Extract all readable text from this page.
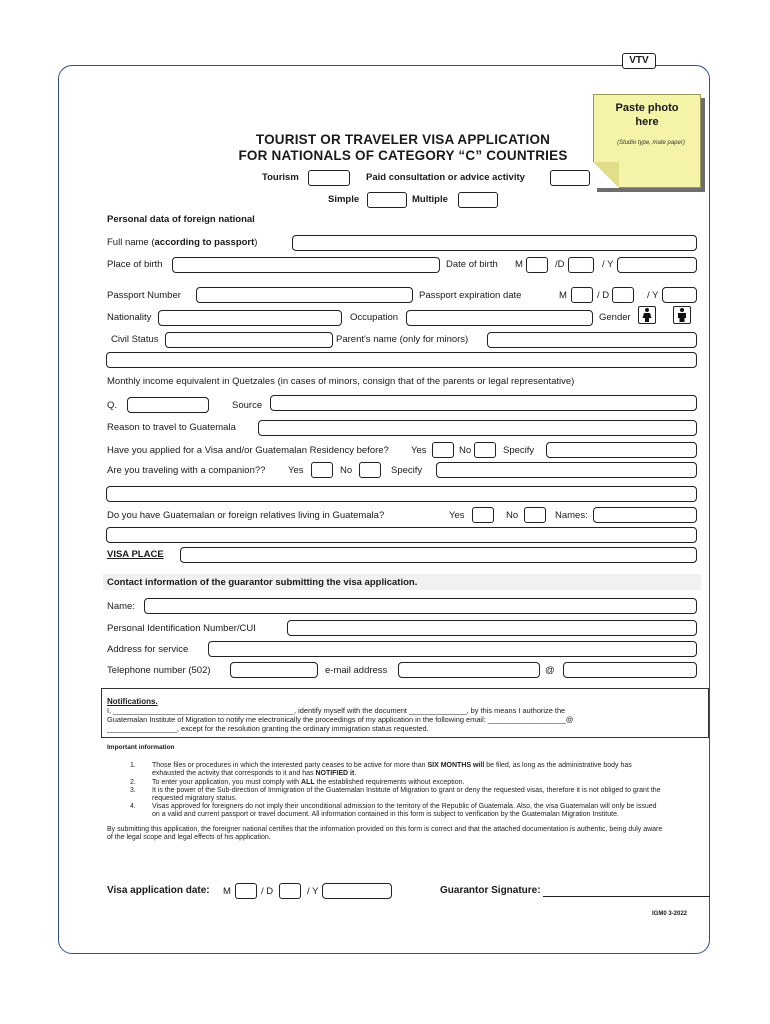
VTV
Paste photo
here
(Studio type, mate paper)
TOURIST OR TRAVELER VISA APPLICATION
FOR NATIONALS OF CATEGORY “C” COUNTRIES
Tourism	Paid consultation or advice activity
Simple	Multiple
Personal data of foreign national
Full name (according to passport)
Place of birth	Date of birth M	/D	/ Y
Passport Number	Passport expiration date	M	/ D	/ Y
Nationality	Occupation	Gender
Civil Status	Parent's name (only for minors)
Monthly income equivalent in Quetzales (in cases of minors, consign that of the parents or legal representative)
Q.	Source
Reason to travel to Guatemala
Have you applied for a Visa and/or Guatemalan Residency before? Yes	No	Specify
Are you traveling with a companion?? Yes	No	Specify
Do you have Guatemalan or foreign relatives living in Guatemala?	Yes	No	Names:
VISA PLACE
Contact information of the guarantor submitting the visa application.
Name:
Personal Identification Number/CUI
Address for service
Telephone number (502)	e-mail address	@
Notifications.
I, ____________________________________________, identify myself with the document ______________, by this means I authorize the
Guatemalan Institute of Migration to notify me electronically the proceedings of my application in the following email: ___________________@
_________________, except for the resolution granting the ordinary immigration status requested.
Important information
1. Those files or procedures in which the interested party ceases to be active for more than SIX MONTHS will be filed, as long as the administrative body has
exhausted the activity that corresponds to it and has NOTIFIED it.
2. To enter your application, you must comply with ALL the established requirements without exception.
3. It is the power of the Sub-direction of Immigration of the Guatemalan Institute of Migration to grant or deny the requested visas, therefore it is not obliged to grant the
requested migratory status.
4. Visas approved for foreigners do not imply their unconditional admission to the territory of the Republic of Guatemala. Also, the visa Guatemalan will only be issued
on a valid and current passport or travel document. All information contained in this form is subject to verification by the Guatemalan Migration Institute.
By submitting this application, the foreigner national certifies that the information provided on this form is correct and that the attached documentation is authentic, being duly aware
of the legal scope and legal effects of his application.
Visa application date: M	/ D	/ Y	Guarantor Signature:
IGM0 3-2022
